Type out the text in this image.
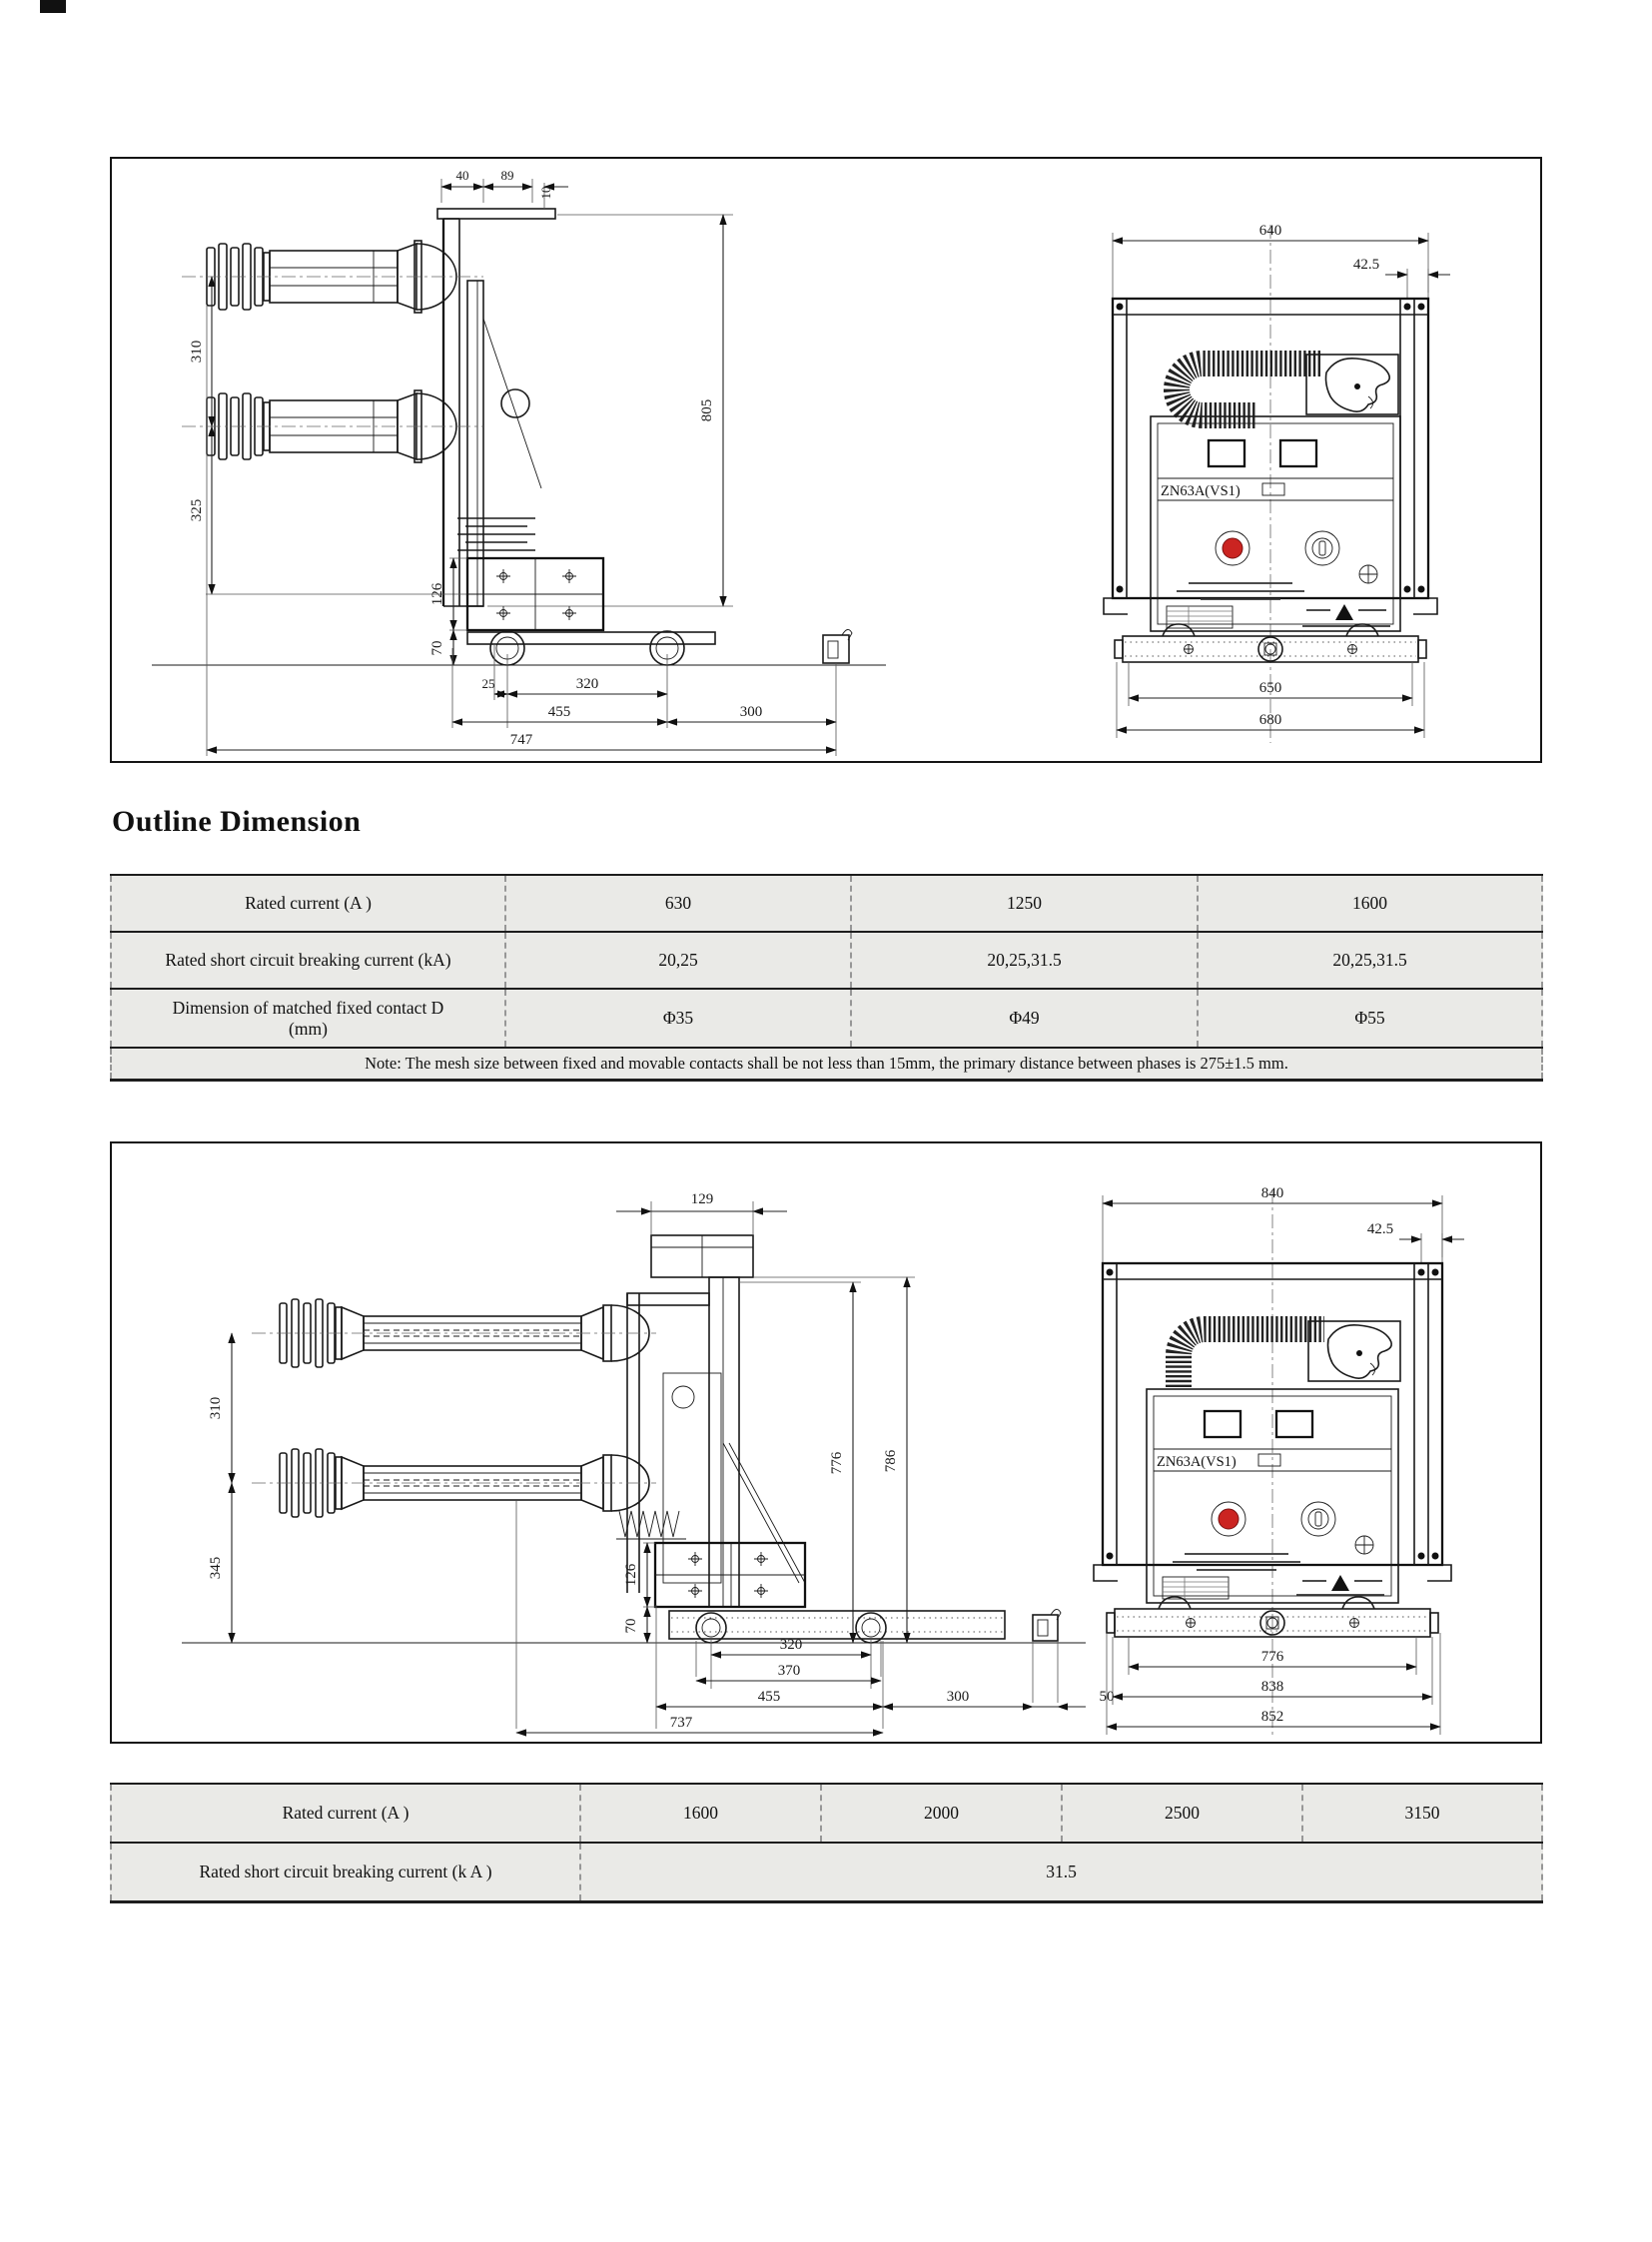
40 89
10
805
310
325
126
70
25	320
455	300
747
640
42.5
ZN63A(VS1)
650
680
Outline Dimension
Rated current (A )	630	1250	1600
Rated short circuit breaking current (kA)	20,25	20,25,31.5	20,25,31.5
Dimension of matched fixed contact D
(mm)
Φ35	Φ49	Φ55
Note: The mesh size between fixed and movable contacts shall be not less than 15mm, the primary distance between phases is 275±1.5 mm.
129
776	786
310
345	126
70
320
370
455	300	50
737
840
42.5
ZN63A(VS1)
776
838
852
Rated current (A )	1600	2000	2500	3150
Rated short circuit breaking current (k A )	31.5
